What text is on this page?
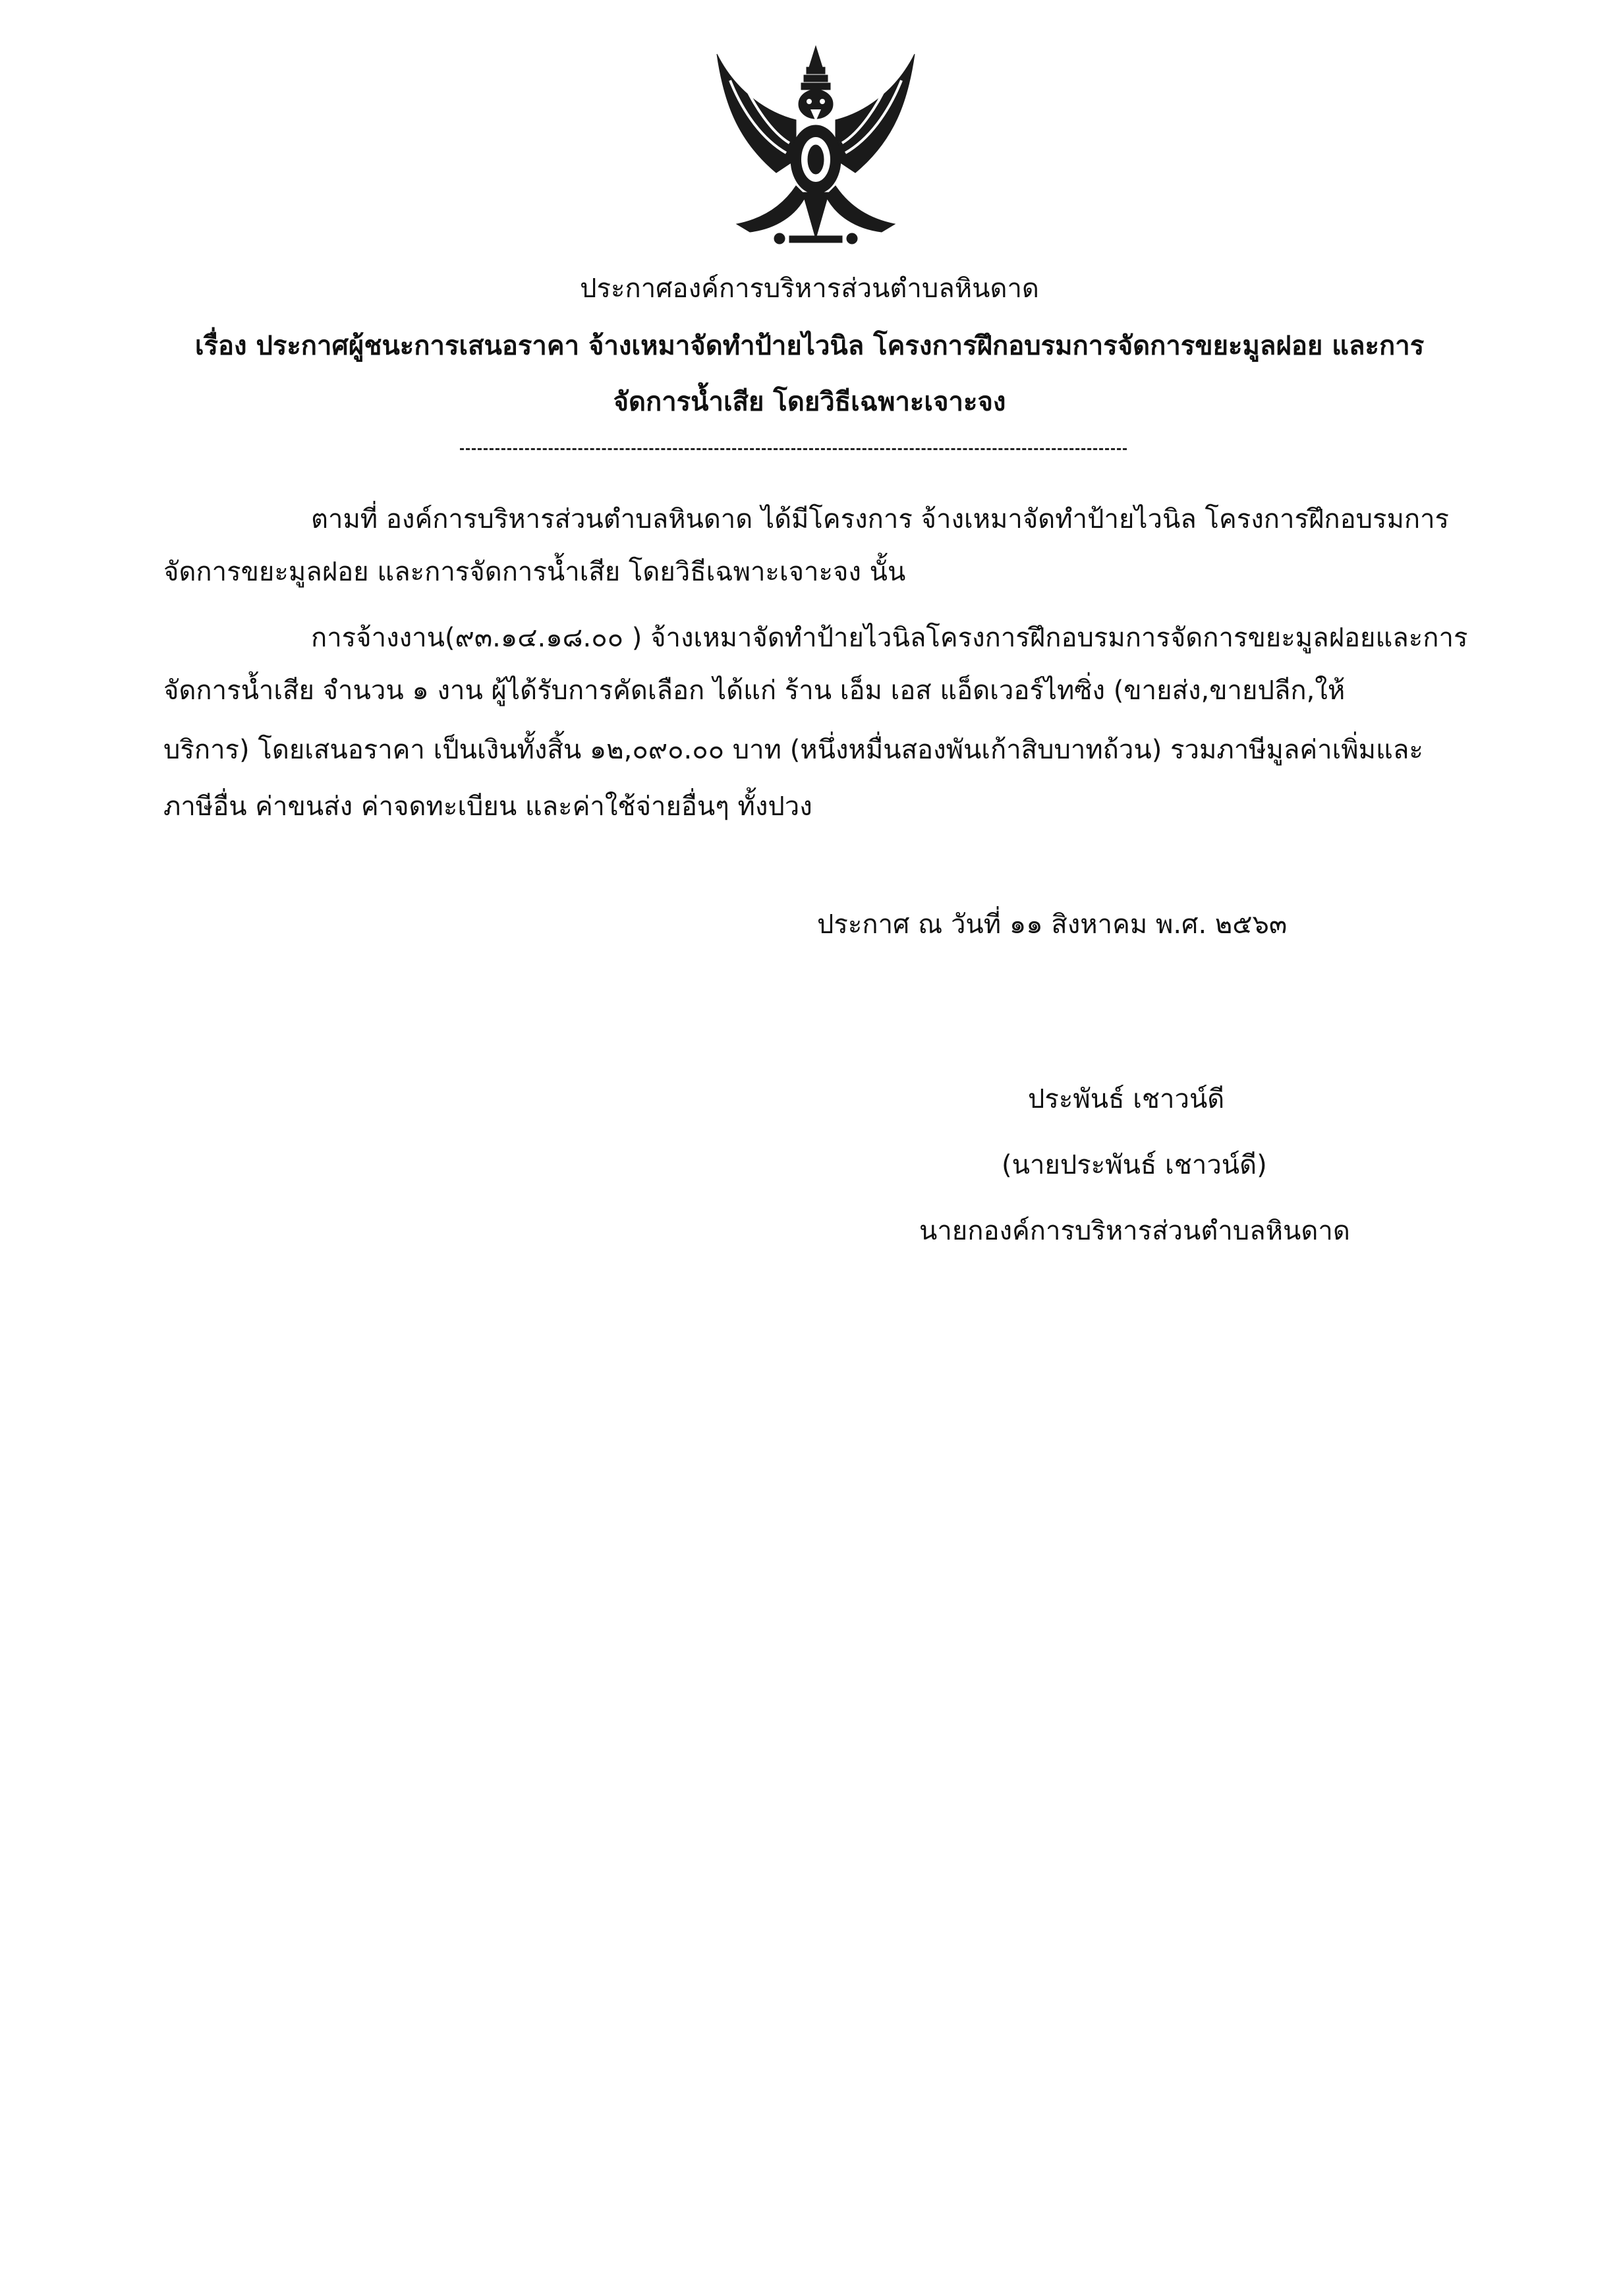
ประกาศองค์การบริหารส่วนตำบลหินดาด
เรื่อง ประกาศผู้ชนะการเสนอราคา จ้างเหมาจัดทำป้ายไวนิล โครงการฝึกอบรมการจัดการขยะมูลฝอย และการ
จัดการน้ำเสีย โดยวิธีเฉพาะเจาะจง
ตามที่ องค์การบริหารส่วนตำบลหินดาด ได้มีโครงการ จ้างเหมาจัดทำป้ายไวนิล โครงการฝึกอบรมการ
จัดการขยะมูลฝอย และการจัดการน้ำเสีย โดยวิธีเฉพาะเจาะจง นั้น
การจ้างงาน(๙๓.๑๔.๑๘.๐๐ ) จ้างเหมาจัดทำป้ายไวนิลโครงการฝึกอบรมการจัดการขยะมูลฝอยและการ
จัดการน้ำเสีย จำนวน ๑ งาน ผู้ได้รับการคัดเลือก ได้แก่ ร้าน เอ็ม เอส แอ็ดเวอร์ไทซิ่ง (ขายส่ง,ขายปลีก,ให้
บริการ) โดยเสนอราคา เป็นเงินทั้งสิ้น ๑๒,๐๙๐.๐๐ บาท (หนึ่งหมื่นสองพันเก้าสิบบาทถ้วน) รวมภาษีมูลค่าเพิ่มและ
ภาษีอื่น ค่าขนส่ง ค่าจดทะเบียน และค่าใช้จ่ายอื่นๆ ทั้งปวง
ประกาศ ณ วันที่ ๑๑ สิงหาคม พ.ศ. ๒๕๖๓
ประพันธ์ เชาวน์ดี
(นายประพันธ์ เชาวน์ดี)
นายกองค์การบริหารส่วนตำบลหินดาด
